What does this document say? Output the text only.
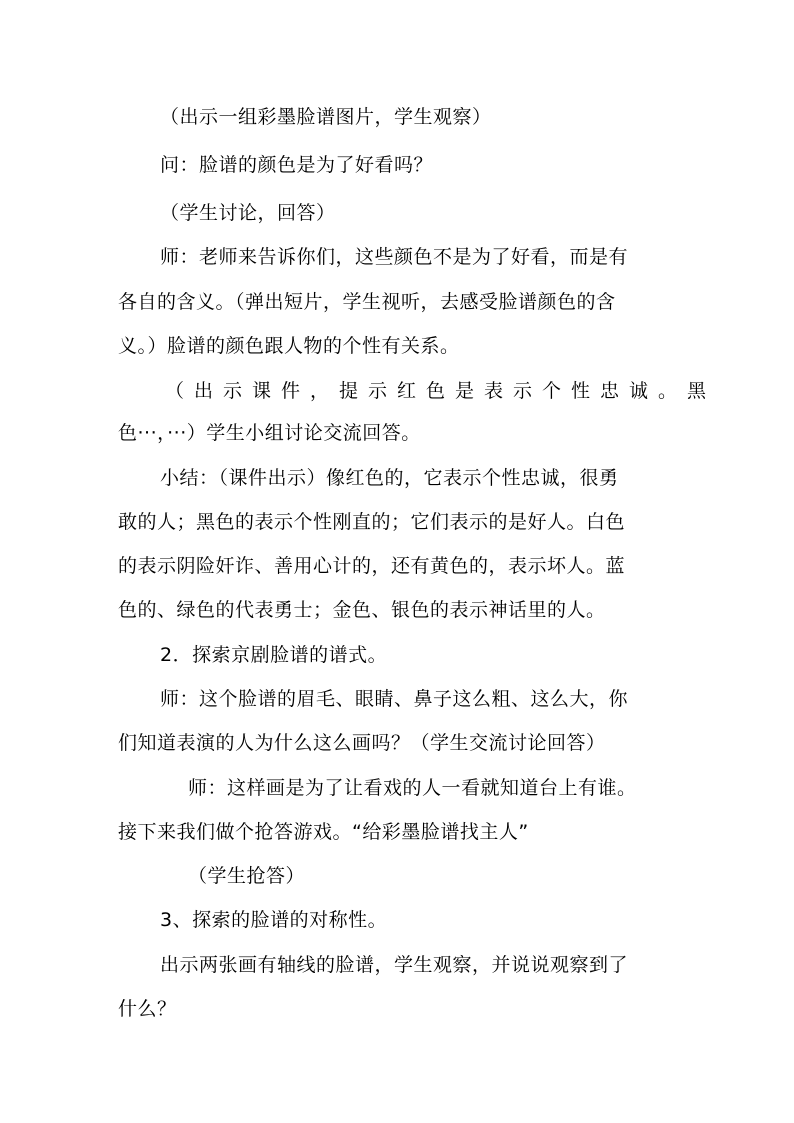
（出示一组彩墨脸谱图片，学生观察）
问：脸谱的颜色是为了好看吗？
（学生讨论，回答）
师：老师来告诉你们，这些颜色不是为了好看，而是有
各自的含义。（弹出短片，学生视听，去感受脸谱颜色的含
义。）脸谱的颜色跟人物的个性有关系。
（出示课件，提示红色是表示个性忠诚。黑
色···，···）学生小组讨论交流回答。
小结：（课件出示）像红色的，它表示个性忠诚，很勇
敢的人；黑色的表示个性刚直的；它们表示的是好人。白色
的表示阴险奸诈、善用心计的，还有黄色的，表示坏人。蓝
色的、绿色的代表勇士；金色、银色的表示神话里的人。
2．探索京剧脸谱的谱式。
师：这个脸谱的眉毛、眼睛、鼻子这么粗、这么大，你
们知道表演的人为什么这么画吗？（学生交流讨论回答）
师：这样画是为了让看戏的人一看就知道台上有谁。
接下来我们做个抢答游戏。“给彩墨脸谱找主人”
（学生抢答）
3、探索的脸谱的对称性。
出示两张画有轴线的脸谱，学生观察，并说说观察到了
什么？
